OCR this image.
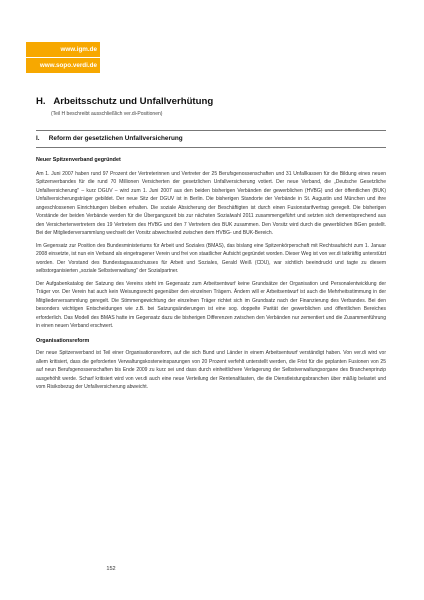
www.igm.de
www.sopo.verdi.de
H. Arbeitsschutz und Unfallverhütung
(Teil H beschreibt ausschließlich ver.di-Positionen)
I. Reform der gesetzlichen Unfallversicherung

Neuer Spitzenverband gegründet

Am 1. Juni 2007 haben rund 97 Prozent der Vertreterinnen und Vertreter der 25 Berufsgenossenschaften und 31 Unfallkassen für die Bildung eines neuen Spitzenverbandes für die rund 70 Millionen Versicherten der gesetzlichen Unfallversicherung votiert. Der neue Verband, die „Deutsche Gesetzliche Unfallversicherung" – kurz DGUV – wird zum 1. Juni 2007 aus den beiden bisherigen Verbänden der gewerblichen (HVBG) und der öffentlichen (BUK) Unfallversicherungsträger gebildet. Der neue Sitz der DGUV ist in Berlin. Die bisherigen Standorte der Verbände in St. Augustin und München und ihre angeschlossenen Einrichtungen bleiben erhalten. Die soziale Absicherung der Beschäftigten ist durch einen Fusionstarifvertrag geregelt. Die bisherigen Vorstände der beiden Verbände werden für die Übergangszeit bis zur nächsten Sozialwahl 2011 zusammengeführt und setzten sich dementsprechend aus den Versichertenvertretern des 19 Vertretern des HVBG und den 7 Vertretern des BUK zusammen. Den Vorsitz wird durch die gewerblichen BGen gestellt. Bei der Mitgliederversammlung wechselt der Vorsitz abwechselnd zwischen dem HVBG- und BUK-Bereich.

Im Gegensatz zur Position des Bundesministeriums für Arbeit und Soziales (BMAS), das bislang eine Spitzenkörperschaft mit Rechtsaufsicht zum 1. Januar 2008 einsetzte, ist nun ein Verband als eingetragener Verein und frei von staatlicher Aufsicht gegründet worden. Dieser Weg ist von ver.di tatkräftig unterstützt worden. Der Vorstand des Bundestagsausschusses für Arbeit und Soziales, Gerald Weiß (CDU), war sichtlich beeindruckt und tagte zu diesem selbstorganisierten „soziale Selbstverwaltung" der Sozialpartner.

Der Aufgabenkatalog der Satzung des Vereins steht im Gegensatz zum Arbeitsentwurf keine Grundsätze der Organisation und Personalentwicklung der Träger vor. Der Verein hat auch kein Weisungsrecht gegenüber den einzelnen Trägern. Ändern will er Arbeitsentwurf ist auch die Mehrheitsstimmung in der Mitgliederversammlung geregelt. Die Stimmengewichtung der einzelnen Träger richtet sich im Grundsatz nach der Finanzierung des Verbandes. Bei den besonders wichtigen Entscheidungen wie z.B. bei Satzungsänderungen ist eine sog. doppelte Parität der gewerblichen und öffentlichen Bereiches erforderlich. Das Modell des BMAS hatte im Gegensatz dazu die bisherigen Differenzen zwischen den Verbänden nur zementiert und die Zusammenführung in einen neuen Verband erschwert.

Organisationsreform

Der neue Spitzenverband ist Teil einer Organisationsreform, auf die sich Bund und Länder in einem Arbeitsentwurf verständigt haben. Von ver.di wird vor allem kritisiert, dass die geforderten Verwaltungskosteneinsparungen von 20 Prozent verfehlt unterstellt werden, die Frist für die geplanten Fusionen von 25 auf neun Berufsgenossenschaften bis Ende 2009 zu kurz sei und dass durch einheitlichere Verlagerung der Selbstverwaltungsorgane des Branchenprinzip ausgehöhlt werde. Scharf kritisiert wird von ver.di auch eine neue Verteilung der Rentenaltlasten, die die Dienstleistungsbranchen über mäßig belastet und vom Risikobezug der Unfallversicherung abweicht.

152
